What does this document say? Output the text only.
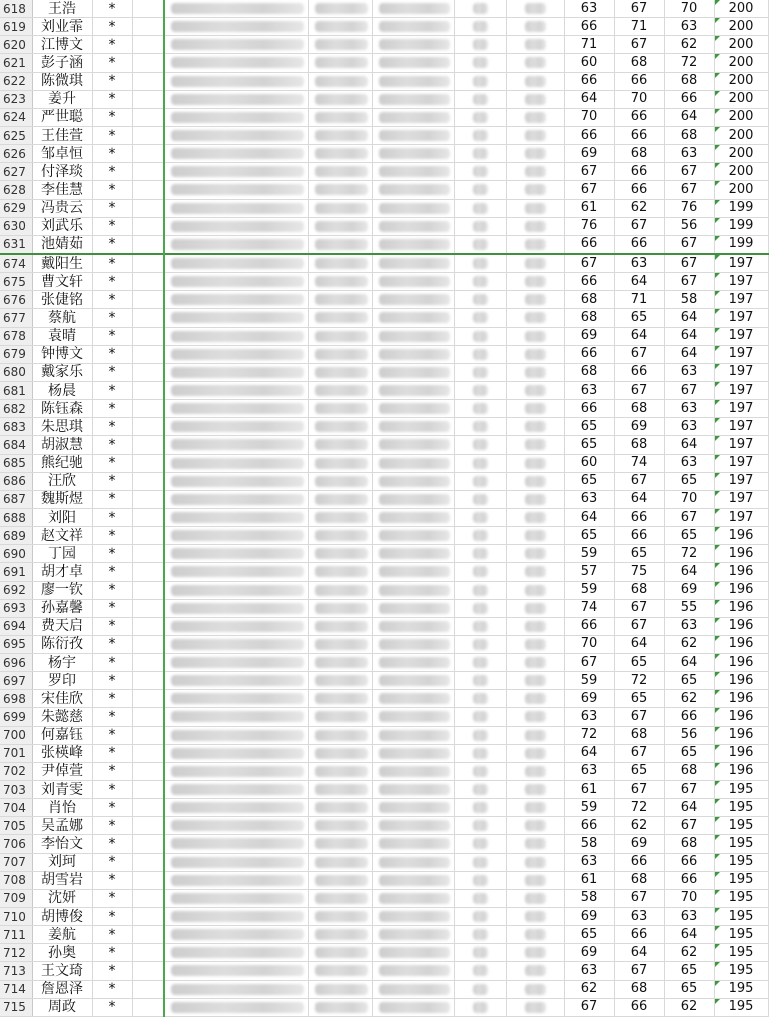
618	王浩	*							63	67	70	200
619	刘业霏	*							66	71	63	200
620	江博文	*							71	67	62	200
621	彭子涵	*							60	68	72	200
622	陈微琪	*							66	66	68	200
623	姜升	*							64	70	66	200
624	严世聪	*							70	66	64	200
625	王佳萱	*							66	66	68	200
626	邹卓恒	*							69	68	63	200
627	付泽琰	*							67	66	67	200
628	李佳慧	*							67	66	67	200
629	冯贵云	*							61	62	76	199
630	刘武乐	*							76	67	56	199
631	池婧茹	*							66	66	67	199
674	戴阳生	*							67	63	67	197
675	曹文轩	*							66	64	67	197
676	张倢铭	*							68	71	58	197
677	蔡航	*							68	65	64	197
678	袁晴	*							69	64	64	197
679	钟博文	*							66	67	64	197
680	戴家乐	*							68	66	63	197
681	杨晨	*							63	67	67	197
682	陈钰森	*							66	68	63	197
683	朱思琪	*							65	69	63	197
684	胡淑慧	*							65	68	64	197
685	熊纪驰	*							60	74	63	197
686	汪欣	*							65	67	65	197
687	魏斯煜	*							63	64	70	197
688	刘阳	*							64	66	67	197
689	赵文祥	*							65	66	65	196
690	丁园	*							59	65	72	196
691	胡才卓	*							57	75	64	196
692	廖一钦	*							59	68	69	196
693	孙嘉馨	*							74	67	55	196
694	费天启	*							66	67	63	196
695	陈衍孜	*							70	64	62	196
696	杨宇	*							67	65	64	196
697	罗印	*							59	72	65	196
698	宋佳欣	*							69	65	62	196
699	朱懿慈	*							63	67	66	196
700	何嘉钰	*							72	68	56	196
701	张楧峰	*							64	67	65	196
702	尹倬萱	*							63	65	68	196
703	刘青雯	*							61	67	67	195
704	肖怡	*							59	72	64	195
705	吴孟娜	*							66	62	67	195
706	李怡文	*							58	69	68	195
707	刘珂	*							63	66	66	195
708	胡雪岩	*							61	68	66	195
709	沈妍	*							58	67	70	195
710	胡博俊	*							69	63	63	195
711	姜航	*							65	66	64	195
712	孙奥	*							69	64	62	195
713	王文琦	*							63	67	65	195
714	詹恩泽	*							62	68	65	195
715	周政	*							67	66	62	195
